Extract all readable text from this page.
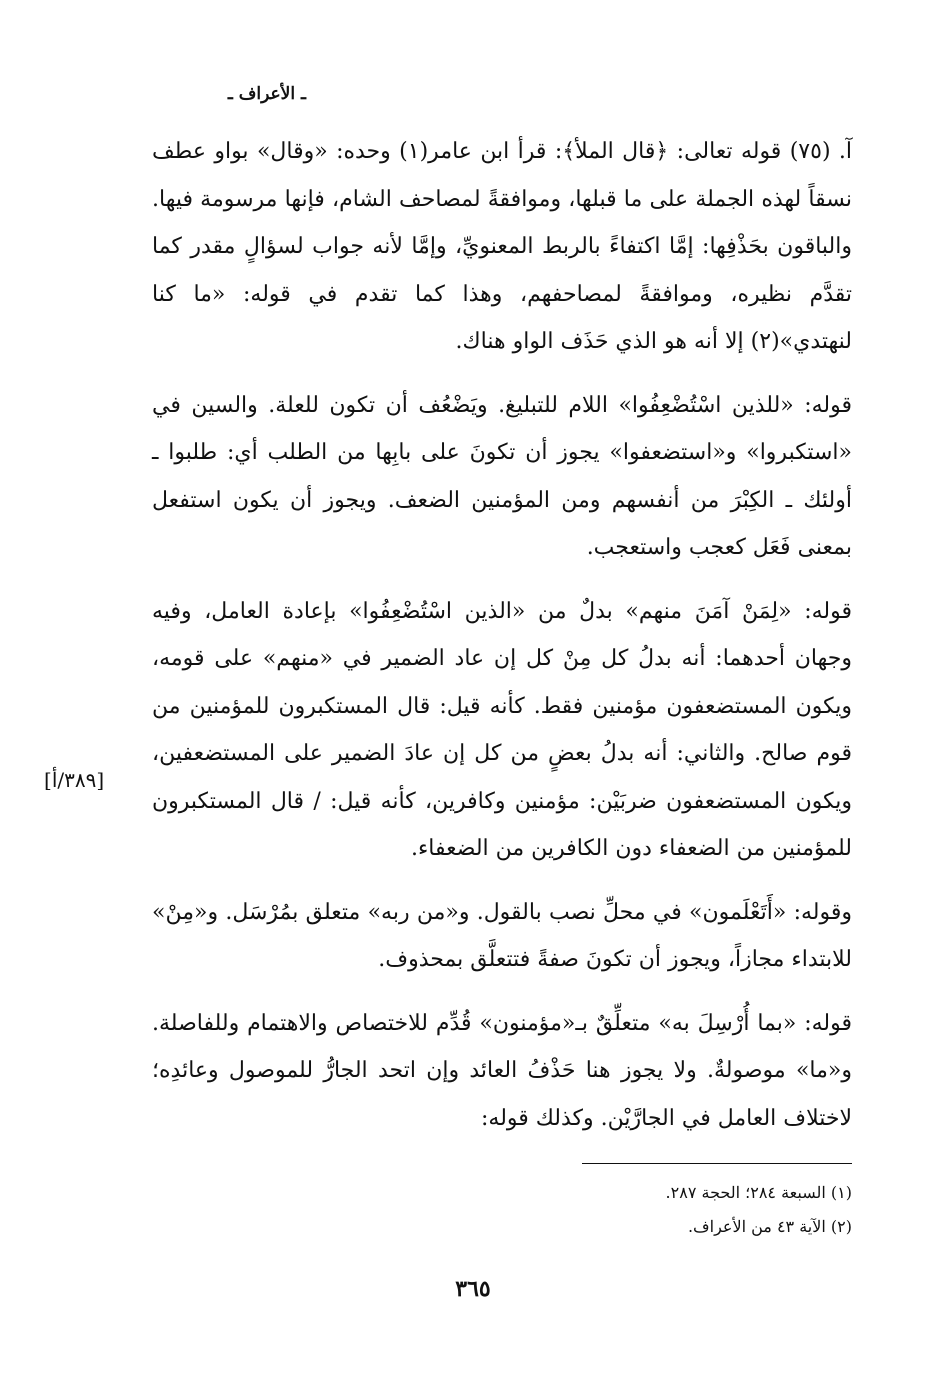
ـ الأعراف ـ

آ. (٧٥) قوله تعالى: ﴿قال الملأ﴾: قرأ ابن عامر(١) وحده: «وقال» بواو عطف نسقاً لهذه الجملة على ما قبلها، وموافقةً لمصاحف الشام، فإنها مرسومة فيها. والباقون بحَذْفِها: إمَّا اكتفاءً بالربط المعنويِّ، وإمَّا لأنه جواب لسؤالٍ مقدر كما تقدَّم نظيره، وموافقةً لمصاحفهم، وهذا كما تقدم في قوله: «ما كنا لنهتدي»(٢) إلا أنه هو الذي حَذَف الواو هناك.

قوله: «للذين اسْتُضْعِفُوا» اللام للتبليغ. ويَضْعُف أن تكون للعلة. والسين في «استكبروا» و«استضعفوا» يجوز أن تكونَ على بابِها من الطلب أي: طلبوا ـ أولئك ـ الكِبْرَ من أنفسهم ومن المؤمنين الضعف. ويجوز أن يكون استفعل بمعنى فَعَل كعجب واستعجب.

قوله: «لِمَنْ آمَنَ منهم» بدلٌ من «الذين اسْتُضْعِفُوا» بإعادة العامل، وفيه وجهان أحدهما: أنه بدلُ كل مِنْ كل إن عاد الضمير في «منهم» على قومه، ويكون المستضعفون مؤمنين فقط. كأنه قيل: قال المستكبرون للمؤمنين من قوم صالح. والثاني: أنه بدلُ بعضٍ من كل إن عادَ الضمير على المستضعفين، ويكون المستضعفون ضربَيْن: مؤمنين وكافرين، كأنه قيل: / قال المستكبرون للمؤمنين من الضعفاء دون الكافرين من الضعفاء.

وقوله: «أَتَعْلَمون» في محلِّ نصب بالقول. و«من ربه» متعلق بمُرْسَل. و«مِنْ» للابتداء مجازاً، ويجوز أن تكونَ صفةً فتتعلَّق بمحذوف.

قوله: «بما أُرْسِلَ به» متعلِّقٌ بـ«مؤمنون» قُدِّم للاختصاص والاهتمام وللفاصلة. و«ما» موصولةٌ. ولا يجوز هنا حَذْفُ العائد وإن اتحد الجارُّ للموصول وعائدِه؛ لاختلاف العامل في الجارَّيْن. وكذلك قوله:

[٣٨٩/أ]
(١) السبعة ٢٨٤؛ الحجة ٢٨٧.
(٢) الآية ٤٣ من الأعراف.
٣٦٥
